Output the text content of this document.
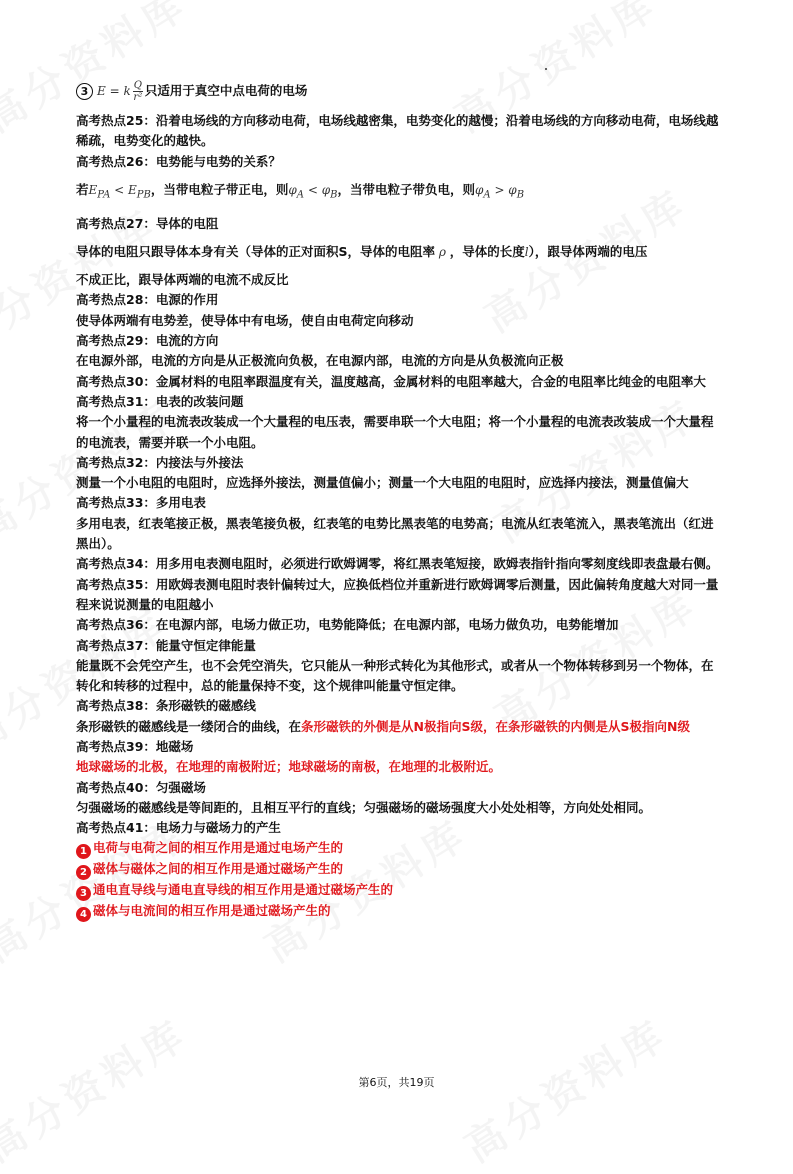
3 E = k $\frac{Q}{\text{r²}}$ 只适用于真空中点电荷的电场

高考热点25：沿着电场线的方向移动电荷，电场线越密集，电势变化的越慢；沿着电场线的方向移动电荷，电场线越稀疏，电势变化的越快。

高考热点26：电势能与电势的关系？

若$E_{PA} < E_{PB}$，当带电粒子带正电，则$\varphi_A < \varphi_B$，当带电粒子带负电，则$\varphi_A > \varphi_B$

高考热点27：导体的电阻

导体的电阻只跟导体本身有关（导体的正对面积S，导体的电阻率 ρ ，导体的长度l），跟导体两端的电压

不成正比，跟导体两端的电流不成反比

高考热点28：电源的作用

使导体两端有电势差，使导体中有电场，使自由电荷定向移动

高考热点29：电流的方向

在电源外部，电流的方向是从正极流向负极，在电源内部，电流的方向是从负极流向正极

高考热点30：金属材料的电阻率跟温度有关，温度越高，金属材料的电阻率越大，合金的电阻率比纯金的电阻率大

高考热点31：电表的改装问题

将一个小量程的电流表改装成一个大量程的电压表，需要串联一个大电阻；将一个小量程的电流表改装成一个大量程的电流表，需要并联一个小电阻。

高考热点32：内接法与外接法

测量一个小电阻的电阻时，应选择外接法，测量值偏小；测量一个大电阻的电阻时，应选择内接法，测量值偏大

高考热点33：多用电表

多用电表，红表笔接正极，黑表笔接负极，红表笔的电势比黑表笔的电势高；电流从红表笔流入，黑表笔流出（红进黑出）。

高考热点34：用多用电表测电阻时，必须进行欧姆调零，将红黑表笔短接，欧姆表指针指向零刻度线即表盘最右侧。

高考热点35：用欧姆表测电阻时表针偏转过大，应换低档位并重新进行欧姆调零后测量，因此偏转角度越大对同一量程来说说测量的电阻越小

高考热点36：在电源内部，电场力做正功，电势能降低；在电源内部，电场力做负功，电势能增加

高考热点37：能量守恒定律能量

能量既不会凭空产生，也不会凭空消失，它只能从一种形式转化为其他形式，或者从一个物体转移到另一个物体，在转化和转移的过程中，总的能量保持不变，这个规律叫能量守恒定律。

高考热点38：条形磁铁的磁感线

条形磁铁的磁感线是一缕闭合的曲线，在条形磁铁的外侧是从N极指向S级，在条形磁铁的内侧是从S极指向N级

高考热点39：地磁场

地球磁场的北极，在地理的南极附近；地球磁场的南极，在地理的北极附近。

高考热点40：匀强磁场

匀强磁场的磁感线是等间距的，且相互平行的直线；匀强磁场的磁场强度大小处处相等，方向处处相同。

高考热点41：电场力与磁场力的产生

1 电荷与电荷之间的相互作用是通过电场产生的

2 磁体与磁体之间的相互作用是通过磁场产生的

3 通电直导线与通电直导线的相互作用是通过磁场产生的

4 磁体与电流间的相互作用是通过磁场产生的

第6页，共19页
